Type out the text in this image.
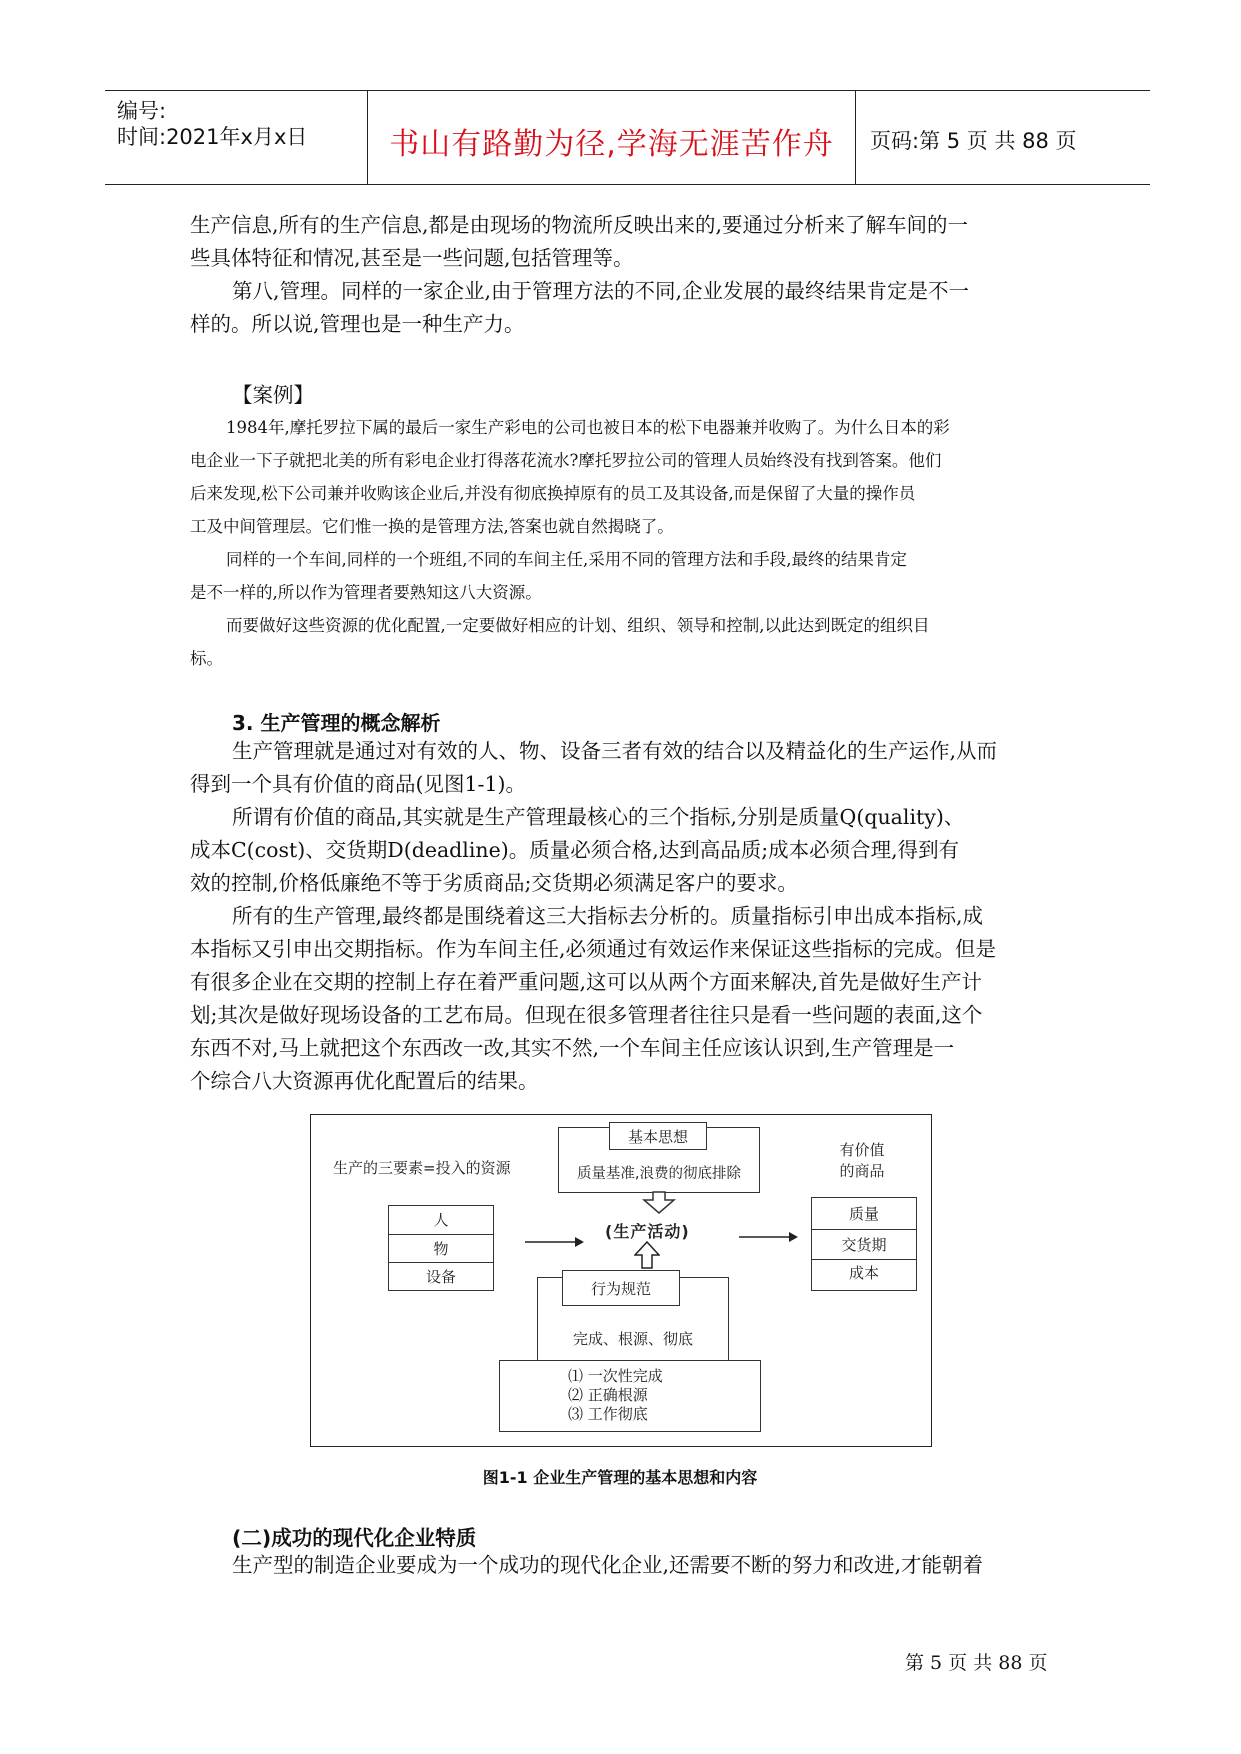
编号:
时间:2021年x月x日	书山有路勤为径,学海无涯苦作舟	页码:第 5 页 共 88 页

生产信息,所有的生产信息,都是由现场的物流所反映出来的,要通过分析来了解车间的一

些具体特征和情况,甚至是一些问题,包括管理等。

第八,管理。同样的一家企业,由于管理方法的不同,企业发展的最终结果肯定是不一

样的。所以说,管理也是一种生产力。

【案例】

1984年,摩托罗拉下属的最后一家生产彩电的公司也被日本的松下电器兼并收购了。为什么日本的彩

电企业一下子就把北美的所有彩电企业打得落花流水?摩托罗拉公司的管理人员始终没有找到答案。他们

后来发现,松下公司兼并收购该企业后,并没有彻底换掉原有的员工及其设备,而是保留了大量的操作员

工及中间管理层。它们惟一换的是管理方法,答案也就自然揭晓了。

同样的一个车间,同样的一个班组,不同的车间主任,采用不同的管理方法和手段,最终的结果肯定

是不一样的,所以作为管理者要熟知这八大资源。

而要做好这些资源的优化配置,一定要做好相应的计划、组织、领导和控制,以此达到既定的组织目

标。

3. 生产管理的概念解析

生产管理就是通过对有效的人、物、设备三者有效的结合以及精益化的生产运作,从而

得到一个具有价值的商品(见图1-1)。

所谓有价值的商品,其实就是生产管理最核心的三个指标,分别是质量Q(quality)、

成本C(cost)、交货期D(deadline)。质量必须合格,达到高品质;成本必须合理,得到有

效的控制,价格低廉绝不等于劣质商品;交货期必须满足客户的要求。

所有的生产管理,最终都是围绕着这三大指标去分析的。质量指标引申出成本指标,成

本指标又引申出交期指标。作为车间主任,必须通过有效运作来保证这些指标的完成。但是

有很多企业在交期的控制上存在着严重问题,这可以从两个方面来解决,首先是做好生产计

划;其次是做好现场设备的工艺布局。但现在很多管理者往往只是看一些问题的表面,这个

东西不对,马上就把这个东西改一改,其实不然,一个车间主任应该认识到,生产管理是一

个综合八大资源再优化配置后的结果。

基本思想
质量基准,浪费的彻底排除
生产的三要素=投入的资源
有价值
的商品
人
物
设备
(生产活动)
质量
交货期
成本
行为规范
完成、根源、彻底
⑴ 一次性完成
⑵ 正确根源
⑶ 工作彻底
图1-1 企业生产管理的基本思想和内容
(二)成功的现代化企业特质

生产型的制造企业要成为一个成功的现代化企业,还需要不断的努力和改进,才能朝着

第 5 页 共 88 页
